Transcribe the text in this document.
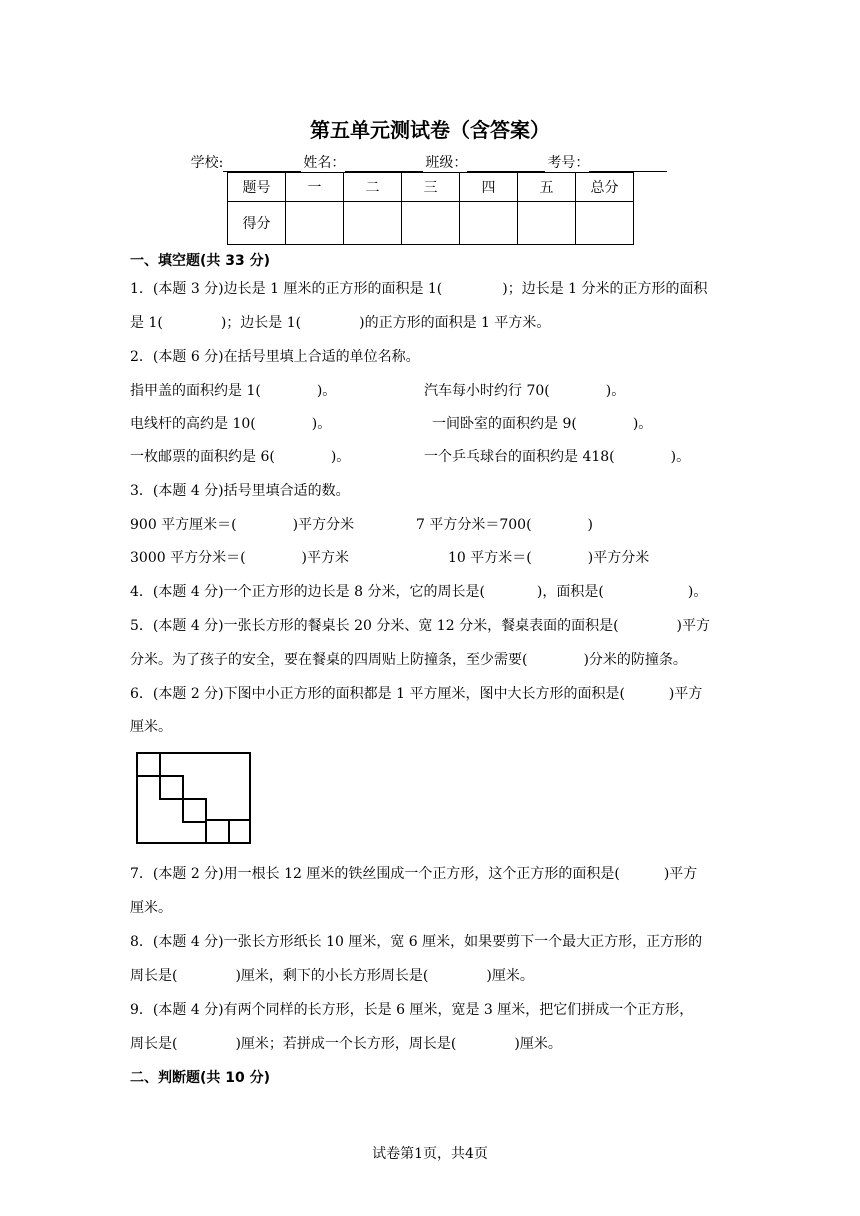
第五单元测试卷（含答案）
学校:	姓名：	班级：	考号：
题号	一	二	三	四	五	总分
得分						
一、填空题(共 33 分)
1．(本题 3 分)边长是 1 厘米的正方形的面积是 1(	)；边长是 1 分米的正方形的面积
是 1(	)；边长是 1(	)的正方形的面积是 1 平方米。
2．(本题 6 分)在括号里填上合适的单位名称。
指甲盖的面积约是 1(	)。	汽车每小时约行 70(	)。
电线杆的高约是 10(	)。	一间卧室的面积约是 9(	)。
一枚邮票的面积约是 6(	)。	一个乒乓球台的面积约是 418(	)。
3．(本题 4 分)括号里填合适的数。
900 平方厘米＝(	)平方分米	7 平方分米＝700(	)
3000 平方分米＝(	)平方米	10 平方米＝(	)平方分米
4．(本题 4 分)一个正方形的边长是 8 分米，它的周长是(	)，面积是(	)。
5．(本题 4 分)一张长方形的餐桌长 20 分米、宽 12 分米，餐桌表面的面积是(	)平方
分米。为了孩子的安全，要在餐桌的四周贴上防撞条，至少需要(	)分米的防撞条。
6．(本题 2 分)下图中小正方形的面积都是 1 平方厘米，图中大长方形的面积是(	)平方
厘米。
7．(本题 2 分)用一根长 12 厘米的铁丝围成一个正方形，这个正方形的面积是(	)平方
厘米。
8．(本题 4 分)一张长方形纸长 10 厘米，宽 6 厘米，如果要剪下一个最大正方形，正方形的
周长是(	)厘米，剩下的小长方形周长是(	)厘米。
9．(本题 4 分)有两个同样的长方形，长是 6 厘米，宽是 3 厘米，把它们拼成一个正方形，
周长是(	)厘米；若拼成一个长方形，周长是(	)厘米。
二、判断题(共 10 分)
试卷第1页，共4页
